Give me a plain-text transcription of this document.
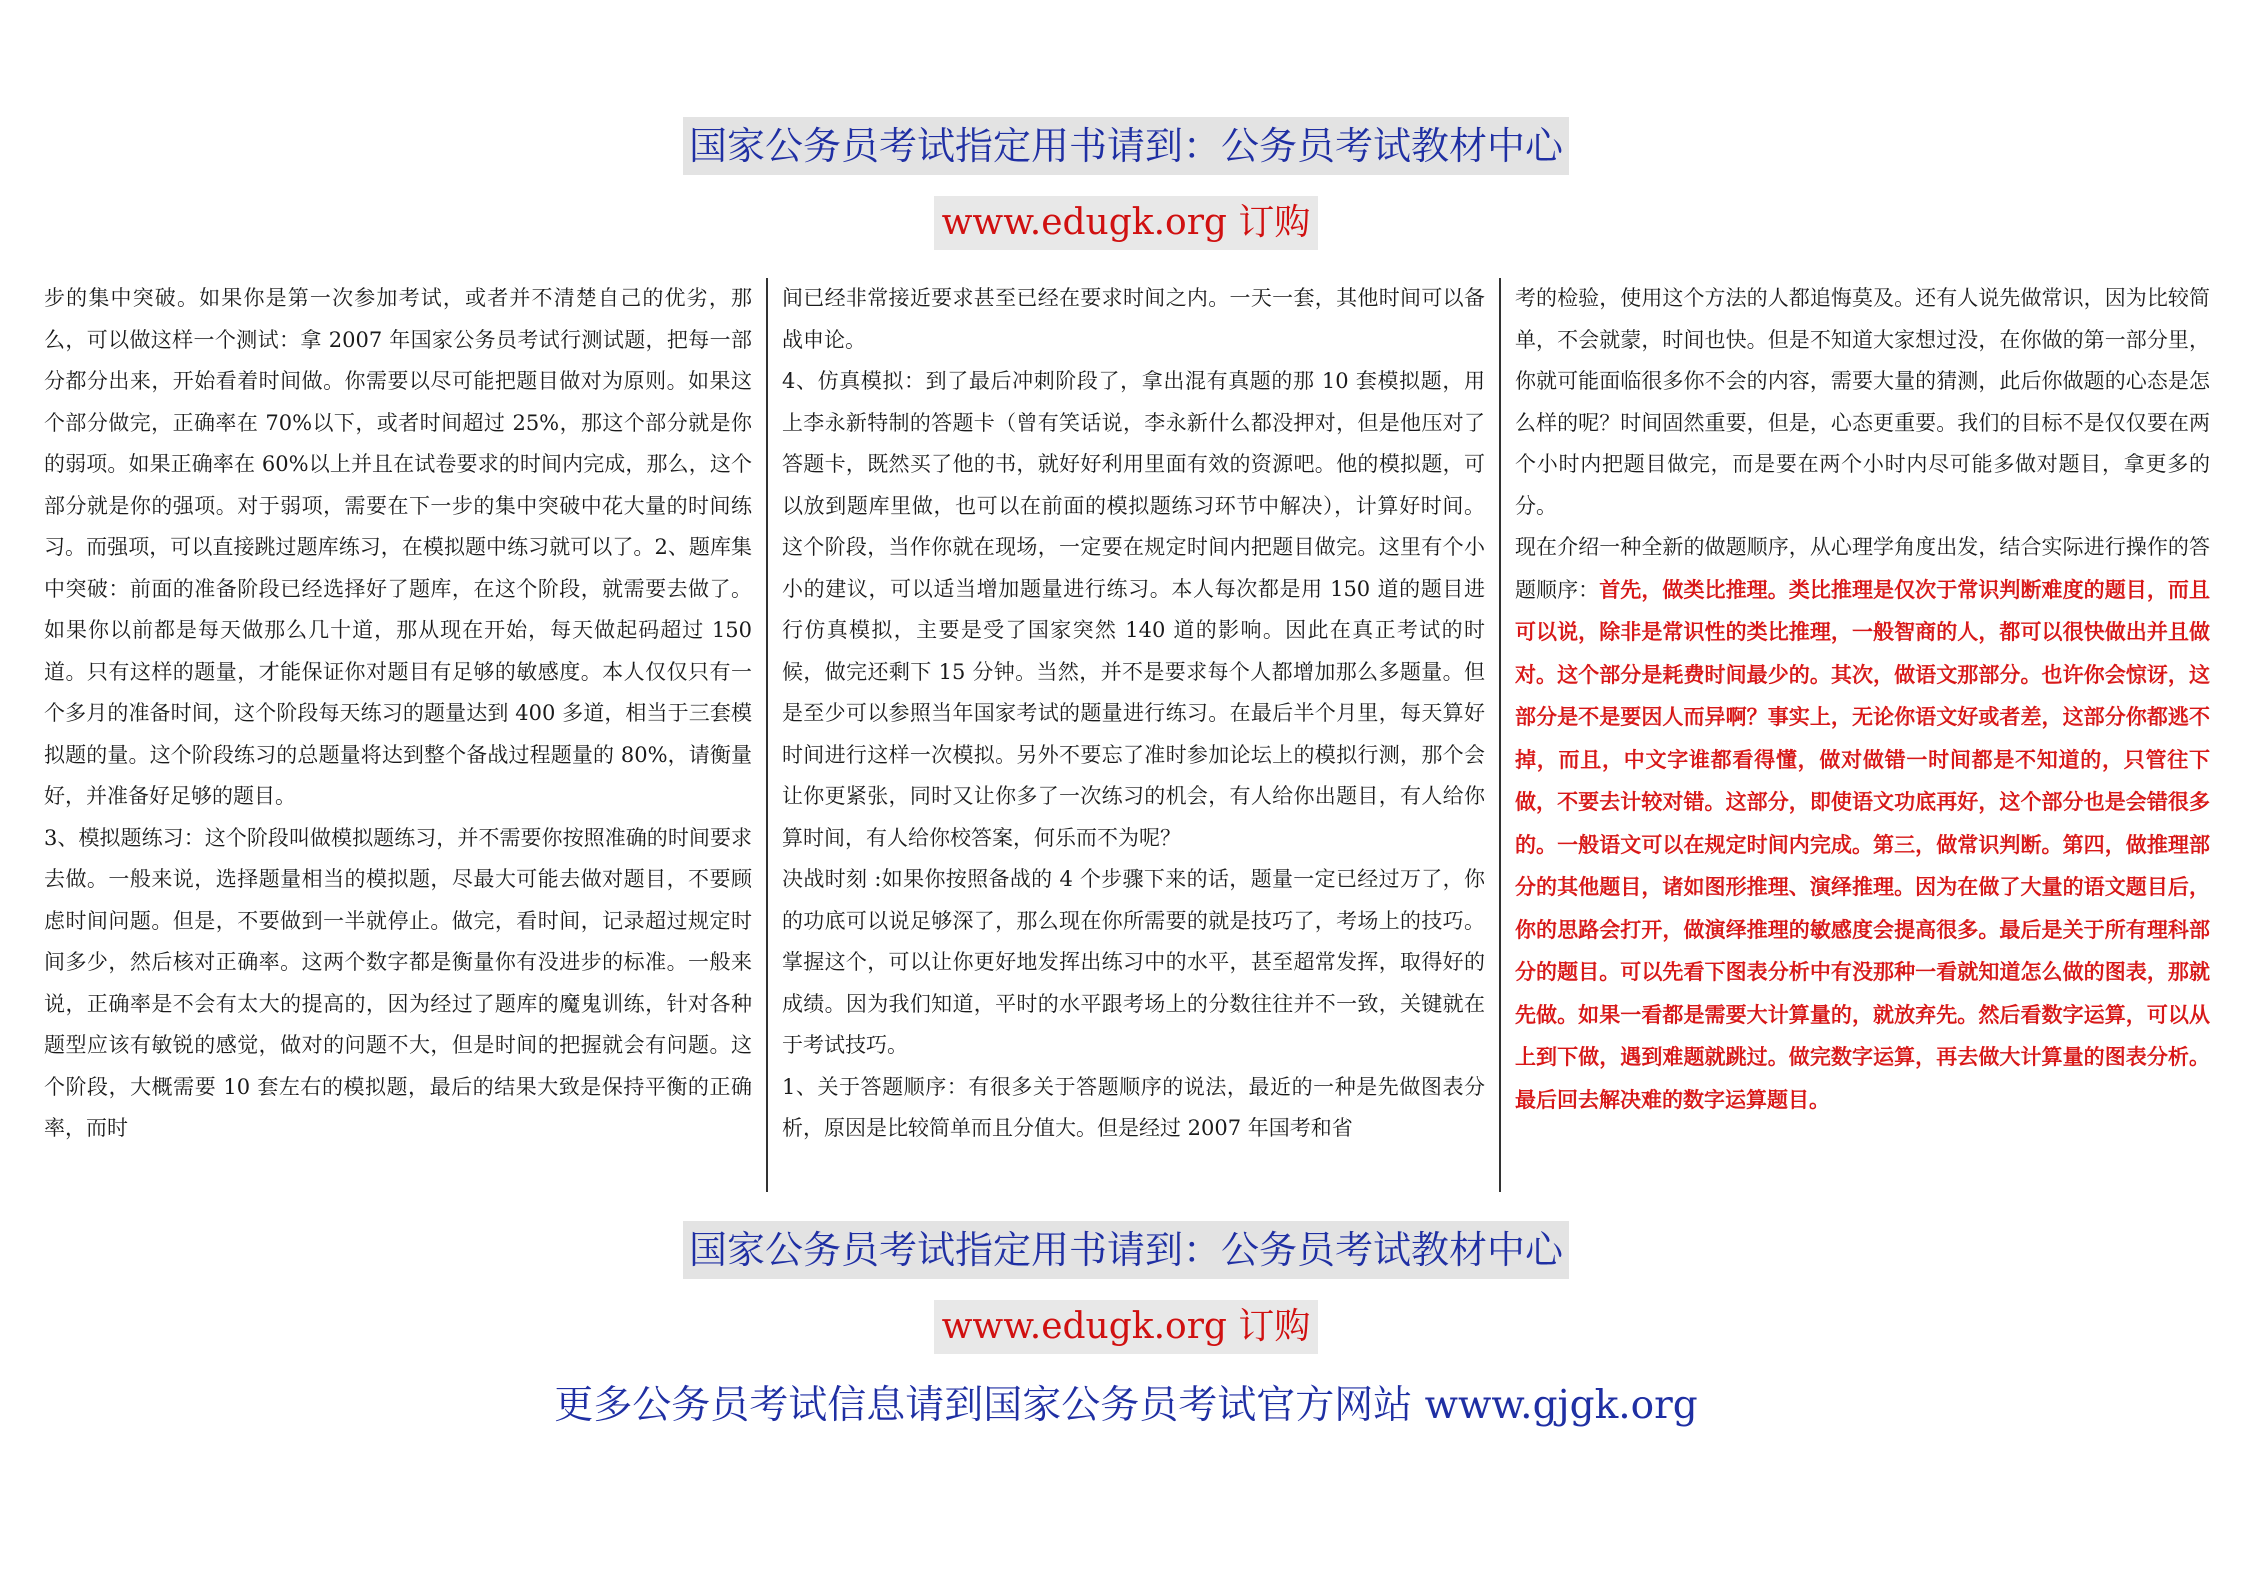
国家公务员考试指定用书请到：公务员考试教材中心
www.edugk.org 订购

步的集中突破。如果你是第一次参加考试，或者并不清楚自己的优劣，那么，可以做这样一个测试：拿 2007 年国家公务员考试行测试题，把每一部分都分出来，开始看着时间做。你需要以尽可能把题目做对为原则。如果这个部分做完，正确率在 70%以下，或者时间超过 25%，那这个部分就是你的弱项。如果正确率在 60%以上并且在试卷要求的时间内完成，那么，这个部分就是你的强项。对于弱项，需要在下一步的集中突破中花大量的时间练习。而强项，可以直接跳过题库练习，在模拟题中练习就可以了。2、题库集中突破：前面的准备阶段已经选择好了题库，在这个阶段，就需要去做了。如果你以前都是每天做那么几十道，那从现在开始，每天做起码超过 150 道。只有这样的题量，才能保证你对题目有足够的敏感度。本人仅仅只有一个多月的准备时间，这个阶段每天练习的题量达到 400 多道，相当于三套模拟题的量。这个阶段练习的总题量将达到整个备战过程题量的 80%，请衡量好，并准备好足够的题目。

3、模拟题练习：这个阶段叫做模拟题练习，并不需要你按照准确的时间要求去做。一般来说，选择题量相当的模拟题，尽最大可能去做对题目，不要顾虑时间问题。但是，不要做到一半就停止。做完，看时间，记录超过规定时间多少，然后核对正确率。这两个数字都是衡量你有没进步的标准。一般来说，正确率是不会有太大的提高的，因为经过了题库的魔鬼训练，针对各种题型应该有敏锐的感觉，做对的问题不大，但是时间的把握就会有问题。这个阶段，大概需要 10 套左右的模拟题，最后的结果大致是保持平衡的正确率，而时

间已经非常接近要求甚至已经在要求时间之内。一天一套，其他时间可以备战申论。

4、仿真模拟：到了最后冲刺阶段了，拿出混有真题的那 10 套模拟题，用上李永新特制的答题卡（曾有笑话说，李永新什么都没押对，但是他压对了答题卡，既然买了他的书，就好好利用里面有效的资源吧。他的模拟题，可以放到题库里做，也可以在前面的模拟题练习环节中解决），计算好时间。这个阶段，当作你就在现场，一定要在规定时间内把题目做完。这里有个小小的建议，可以适当增加题量进行练习。本人每次都是用 150 道的题目进行仿真模拟，主要是受了国家突然 140 道的影响。因此在真正考试的时候，做完还剩下 15 分钟。当然，并不是要求每个人都增加那么多题量。但是至少可以参照当年国家考试的题量进行练习。在最后半个月里，每天算好时间进行这样一次模拟。另外不要忘了准时参加论坛上的模拟行测，那个会让你更紧张，同时又让你多了一次练习的机会，有人给你出题目，有人给你算时间，有人给你校答案，何乐而不为呢？

决战时刻 :如果你按照备战的 4 个步骤下来的话，题量一定已经过万了，你的功底可以说足够深了，那么现在你所需要的就是技巧了，考场上的技巧。掌握这个，可以让你更好地发挥出练习中的水平，甚至超常发挥，取得好的成绩。因为我们知道，平时的水平跟考场上的分数往往并不一致，关键就在于考试技巧。

1、关于答题顺序：有很多关于答题顺序的说法，最近的一种是先做图表分析，原因是比较简单而且分值大。但是经过 2007 年国考和省

考的检验，使用这个方法的人都追悔莫及。还有人说先做常识，因为比较简单，不会就蒙，时间也快。但是不知道大家想过没，在你做的第一部分里，你就可能面临很多你不会的内容，需要大量的猜测，此后你做题的心态是怎么样的呢？时间固然重要，但是，心态更重要。我们的目标不是仅仅要在两个小时内把题目做完，而是要在两个小时内尽可能多做对题目，拿更多的分。

现在介绍一种全新的做题顺序，从心理学角度出发，结合实际进行操作的答题顺序：首先，做类比推理。类比推理是仅次于常识判断难度的题目，而且可以说，除非是常识性的类比推理，一般智商的人，都可以很快做出并且做对。这个部分是耗费时间最少的。其次，做语文那部分。也许你会惊讶，这部分是不是要因人而异啊？事实上，无论你语文好或者差，这部分你都逃不掉，而且，中文字谁都看得懂，做对做错一时间都是不知道的，只管往下做，不要去计较对错。这部分，即使语文功底再好，这个部分也是会错很多的。一般语文可以在规定时间内完成。第三，做常识判断。第四，做推理部分的其他题目，诸如图形推理、演绎推理。因为在做了大量的语文题目后，你的思路会打开，做演绎推理的敏感度会提高很多。最后是关于所有理科部分的题目。可以先看下图表分析中有没那种一看就知道怎么做的图表，那就先做。如果一看都是需要大计算量的，就放弃先。然后看数字运算，可以从上到下做，遇到难题就跳过。做完数字运算，再去做大计算量的图表分析。最后回去解决难的数字运算题目。

国家公务员考试指定用书请到：公务员考试教材中心
www.edugk.org 订购
更多公务员考试信息请到国家公务员考试官方网站 www.gjgk.org
